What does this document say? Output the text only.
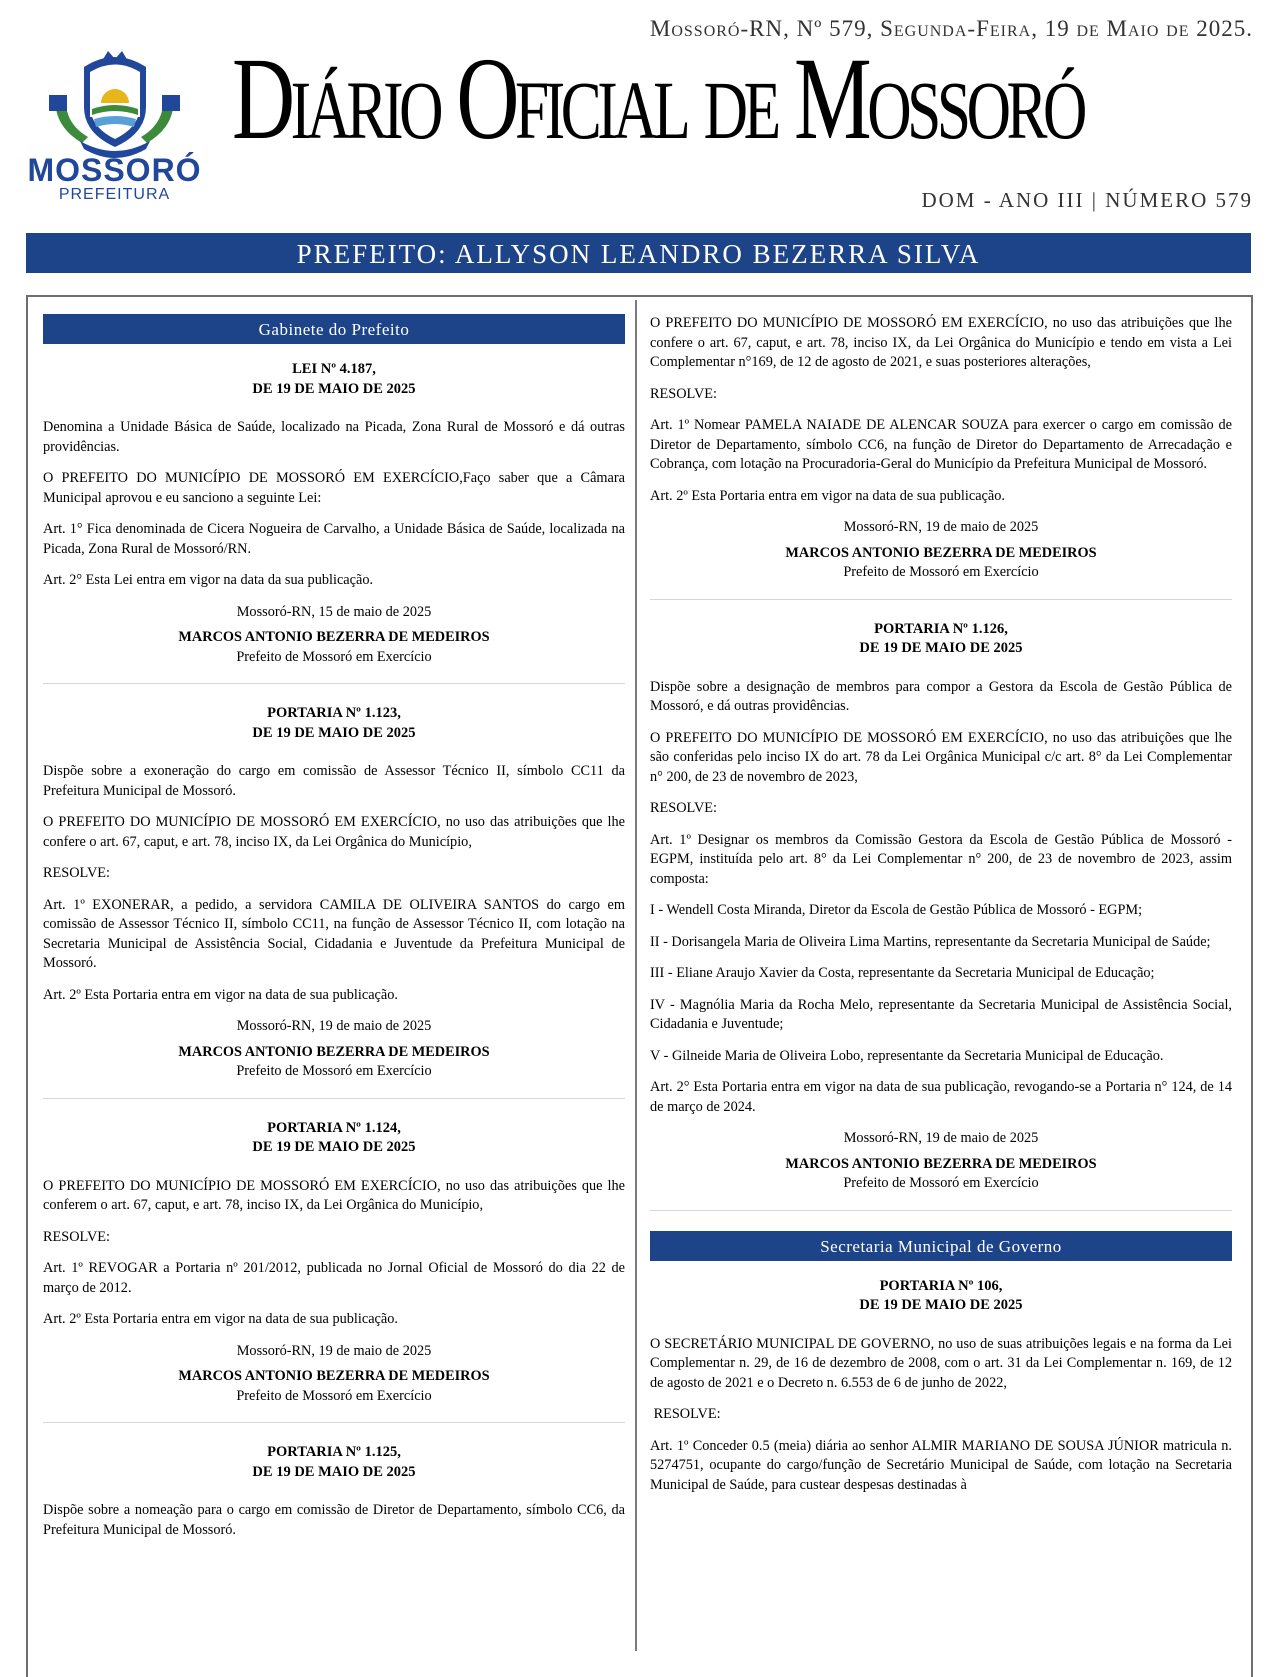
Mossoró-RN, Nº 579, Segunda-Feira, 19 de Maio de 2025.
MOSSORÓ
PREFEITURA
Diário Oficial de Mossoró
DOM - ANO III | NÚMERO 579
PREFEITO: ALLYSON LEANDRO BEZERRA SILVA
Gabinete do Prefeito
LEI Nº 4.187,
DE 19 DE MAIO DE 2025

Denomina a Unidade Básica de Saúde, localizado na Picada, Zona Rural de Mossoró e dá outras providências.

O PREFEITO DO MUNICÍPIO DE MOSSORÓ EM EXERCÍCIO,Faço saber que a Câmara Municipal aprovou e eu sanciono a seguinte Lei:

Art. 1° Fica denominada de Cicera Nogueira de Carvalho, a Unidade Básica de Saúde, localizada na Picada, Zona Rural de Mossoró/RN.

Art. 2° Esta Lei entra em vigor na data da sua publicação.

Mossoró-RN, 15 de maio de 2025

MARCOS ANTONIO BEZERRA DE MEDEIROS

Prefeito de Mossoró em Exercício

PORTARIA Nº 1.123,
DE 19 DE MAIO DE 2025

Dispõe sobre a exoneração do cargo em comissão de Assessor Técnico II, símbolo CC11 da Prefeitura Municipal de Mossoró.

O PREFEITO DO MUNICÍPIO DE MOSSORÓ EM EXERCÍCIO, no uso das atribuições que lhe confere o art. 67, caput, e art. 78, inciso IX, da Lei Orgânica do Município,

RESOLVE:

Art. 1º EXONERAR, a pedido, a servidora CAMILA DE OLIVEIRA SANTOS do cargo em comissão de Assessor Técnico II, símbolo CC11, na função de Assessor Técnico II, com lotação na Secretaria Municipal de Assistência Social, Cidadania e Juventude da Prefeitura Municipal de Mossoró.

Art. 2º Esta Portaria entra em vigor na data de sua publicação.

Mossoró-RN, 19 de maio de 2025

MARCOS ANTONIO BEZERRA DE MEDEIROS

Prefeito de Mossoró em Exercício

PORTARIA Nº 1.124,
DE 19 DE MAIO DE 2025

O PREFEITO DO MUNICÍPIO DE MOSSORÓ EM EXERCÍCIO, no uso das atribuições que lhe conferem o art. 67, caput, e art. 78, inciso IX, da Lei Orgânica do Município,

RESOLVE:

Art. 1º REVOGAR a Portaria nº 201/2012, publicada no Jornal Oficial de Mossoró do dia 22 de março de 2012.

Art. 2º Esta Portaria entra em vigor na data de sua publicação.

Mossoró-RN, 19 de maio de 2025

MARCOS ANTONIO BEZERRA DE MEDEIROS

Prefeito de Mossoró em Exercício

PORTARIA Nº 1.125,
DE 19 DE MAIO DE 2025

Dispõe sobre a nomeação para o cargo em comissão de Diretor de Departamento, símbolo CC6, da Prefeitura Municipal de Mossoró.

O PREFEITO DO MUNICÍPIO DE MOSSORÓ EM EXERCÍCIO, no uso das atribuições que lhe confere o art. 67, caput, e art. 78, inciso IX, da Lei Orgânica do Município e tendo em vista a Lei Complementar n°169, de 12 de agosto de 2021, e suas posteriores alterações,

RESOLVE:

Art. 1º Nomear PAMELA NAIADE DE ALENCAR SOUZA para exercer o cargo em comissão de Diretor de Departamento, símbolo CC6, na função de Diretor do Departamento de Arrecadação e Cobrança, com lotação na Procuradoria-Geral do Município da Prefeitura Municipal de Mossoró.

Art. 2º Esta Portaria entra em vigor na data de sua publicação.

Mossoró-RN, 19 de maio de 2025

MARCOS ANTONIO BEZERRA DE MEDEIROS

Prefeito de Mossoró em Exercício

PORTARIA Nº 1.126,
DE 19 DE MAIO DE 2025

Dispõe sobre a designação de membros para compor a Gestora da Escola de Gestão Pública de Mossoró, e dá outras providências.

O PREFEITO DO MUNICÍPIO DE MOSSORÓ EM EXERCÍCIO, no uso das atribuições que lhe são conferidas pelo inciso IX do art. 78 da Lei Orgânica Municipal c/c art. 8° da Lei Complementar n° 200, de 23 de novembro de 2023,

RESOLVE:

Art. 1º Designar os membros da Comissão Gestora da Escola de Gestão Pública de Mossoró - EGPM, instituída pelo art. 8° da Lei Complementar n° 200, de 23 de novembro de 2023, assim composta:

I - Wendell Costa Miranda, Diretor da Escola de Gestão Pública de Mossoró - EGPM;

II - Dorisangela Maria de Oliveira Lima Martins, representante da Secretaria Municipal de Saúde;

III - Eliane Araujo Xavier da Costa, representante da Secretaria Municipal de Educação;

IV - Magnólia Maria da Rocha Melo, representante da Secretaria Municipal de Assistência Social, Cidadania e Juventude;

V - Gilneide Maria de Oliveira Lobo, representante da Secretaria Municipal de Educação.

Art. 2° Esta Portaria entra em vigor na data de sua publicação, revogando-se a Portaria n° 124, de 14 de março de 2024.

Mossoró-RN, 19 de maio de 2025

MARCOS ANTONIO BEZERRA DE MEDEIROS

Prefeito de Mossoró em Exercício

Secretaria Municipal de Governo
PORTARIA Nº 106,
DE 19 DE MAIO DE 2025

O SECRETÁRIO MUNICIPAL DE GOVERNO, no uso de suas atribuições legais e na forma da Lei Complementar n. 29, de 16 de dezembro de 2008, com o art. 31 da Lei Complementar n. 169, de 12 de agosto de 2021 e o Decreto n. 6.553 de 6 de junho de 2022,

RESOLVE:

Art. 1º Conceder 0.5 (meia) diária ao senhor ALMIR MARIANO DE SOUSA JÚNIOR matricula n. 5274751, ocupante do cargo/função de Secretário Municipal de Saúde, com lotação na Secretaria Municipal de Saúde, para custear despesas destinadas à
